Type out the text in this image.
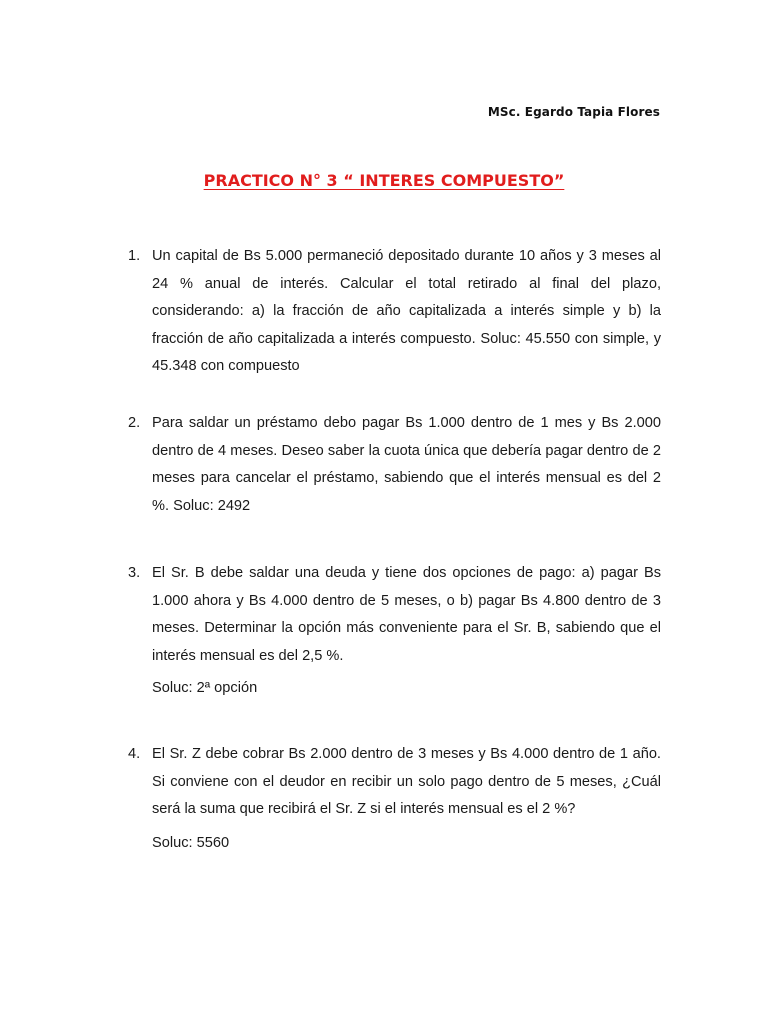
MSc. Egardo Tapia Flores
PRACTICO N° 3 “ INTERES COMPUESTO”
1. Un capital de Bs 5.000 permaneció depositado durante 10 años y 3 meses al 24 % anual de interés. Calcular el total retirado al final del plazo, considerando: a) la fracción de año capitalizada a interés simple y b) la fracción de año capitalizada a interés compuesto. Soluc: 45.550 con simple, y 45.348 con compuesto
2. Para saldar un préstamo debo pagar Bs 1.000 dentro de 1 mes y Bs 2.000 dentro de 4 meses. Deseo saber la cuota única que debería pagar dentro de 2 meses para cancelar el préstamo, sabiendo que el interés mensual es del 2 %. Soluc: 2492
3. El Sr. B debe saldar una deuda y tiene dos opciones de pago: a) pagar Bs 1.000 ahora y Bs 4.000 dentro de 5 meses, o b) pagar Bs 4.800 dentro de 3 meses. Determinar la opción más conveniente para el Sr. B, sabiendo que el interés mensual es del 2,5 %.
Soluc: 2ª opción
4. El Sr. Z debe cobrar Bs 2.000 dentro de 3 meses y Bs 4.000 dentro de 1 año. Si conviene con el deudor en recibir un solo pago dentro de 5 meses, ¿Cuál será la suma que recibirá el Sr. Z si el interés mensual es el 2 %?
Soluc: 5560
